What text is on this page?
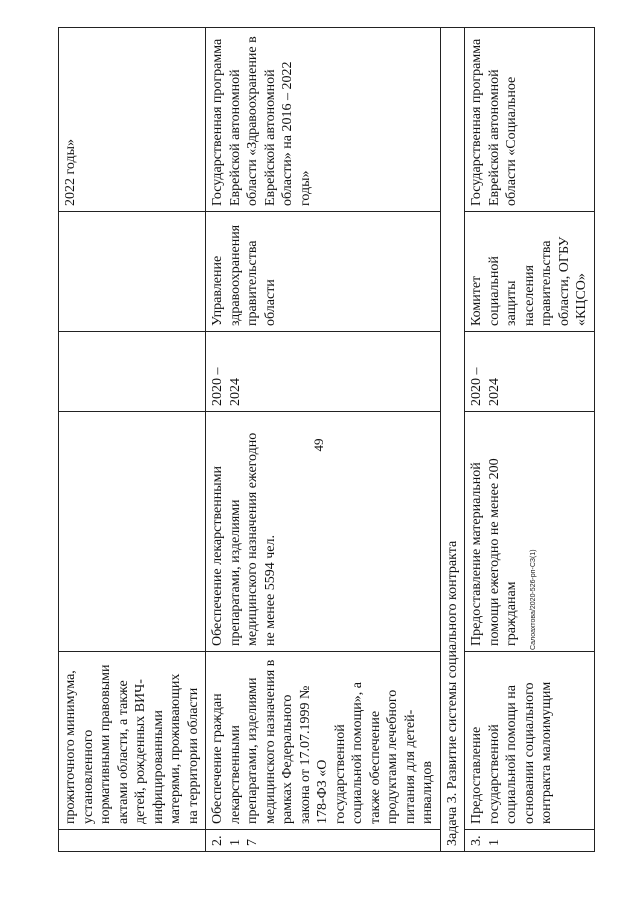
49
Салоахтова/2020-526-рп-СЗ(1)
	прожиточного минимума, установленного нормативными правовыми актами области, а также детей, рожденных ВИЧ-инфицированными матерями, проживающих на территории области				2022 годы»
2.17	Обеспечение граждан лекарственными препаратами, изделиями медицинского назначения в рамках Федерального закона от 17.07.1999 № 178-ФЗ «О государственной социальной помощи», а также обеспечение продуктами лечебного питания для детей-инвалидов	Обеспечение лекарственными препаратами, изделиями медицинского назначения ежегодно не менее 5594 чел.	2020 – 2024	Управление здравоохранения правительства области	Государственная программа Еврейской автономной области «Здравоохранение в Еврейской автономной области» на 2016 – 2022 годы»
Задача 3. Развитие системы социального контракта					
3.1	Предоставление государственной социальной помощи на основании социального контракта малоимущим	Предоставление материальной помощи ежегодно не менее 200 гражданам	2020 – 2024	Комитет социальной защиты населения правительства области, ОГБУ «КЦСО»	Государственная программа Еврейской автономной области «Социальное
